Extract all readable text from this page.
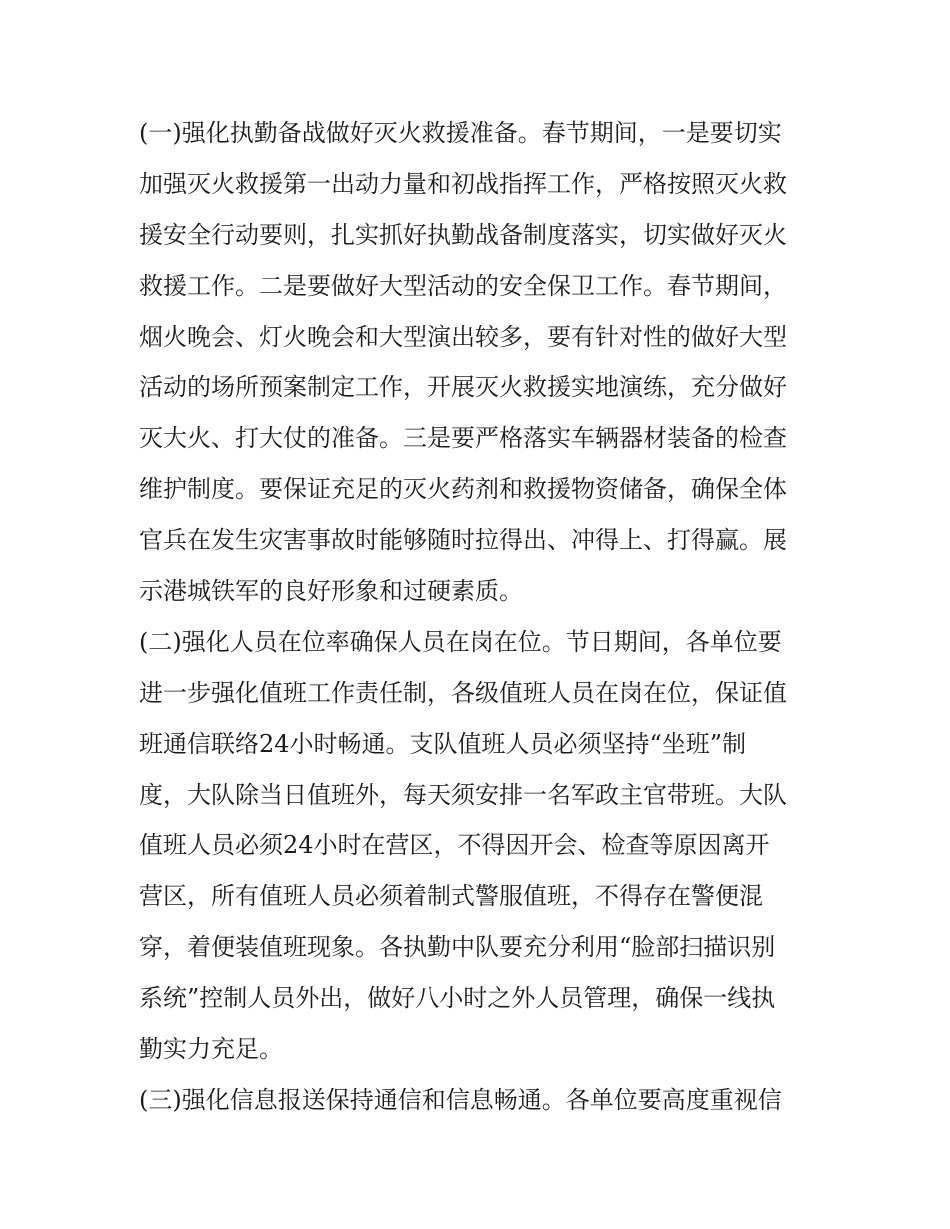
(一)强化执勤备战做好灭火救援准备。春节期间，一是要切实
加强灭火救援第一出动力量和初战指挥工作，严格按照灭火救
援安全行动要则，扎实抓好执勤战备制度落实，切实做好灭火
救援工作。二是要做好大型活动的安全保卫工作。春节期间，
烟火晚会、灯火晚会和大型演出较多，要有针对性的做好大型
活动的场所预案制定工作，开展灭火救援实地演练，充分做好
灭大火、打大仗的准备。三是要严格落实车辆器材装备的检查
维护制度。要保证充足的灭火药剂和救援物资储备，确保全体
官兵在发生灾害事故时能够随时拉得出、冲得上、打得赢。展
示港城铁军的良好形象和过硬素质。
(二)强化人员在位率确保人员在岗在位。节日期间，各单位要
进一步强化值班工作责任制，各级值班人员在岗在位，保证值
班通信联络24小时畅通。支队值班人员必须坚持“坐班”制
度，大队除当日值班外，每天须安排一名军政主官带班。大队
值班人员必须24小时在营区，不得因开会、检查等原因离开
营区，所有值班人员必须着制式警服值班，不得存在警便混
穿，着便装值班现象。各执勤中队要充分利用“脸部扫描识别
系统”控制人员外出，做好八小时之外人员管理，确保一线执
勤实力充足。
(三)强化信息报送保持通信和信息畅通。各单位要高度重视信
